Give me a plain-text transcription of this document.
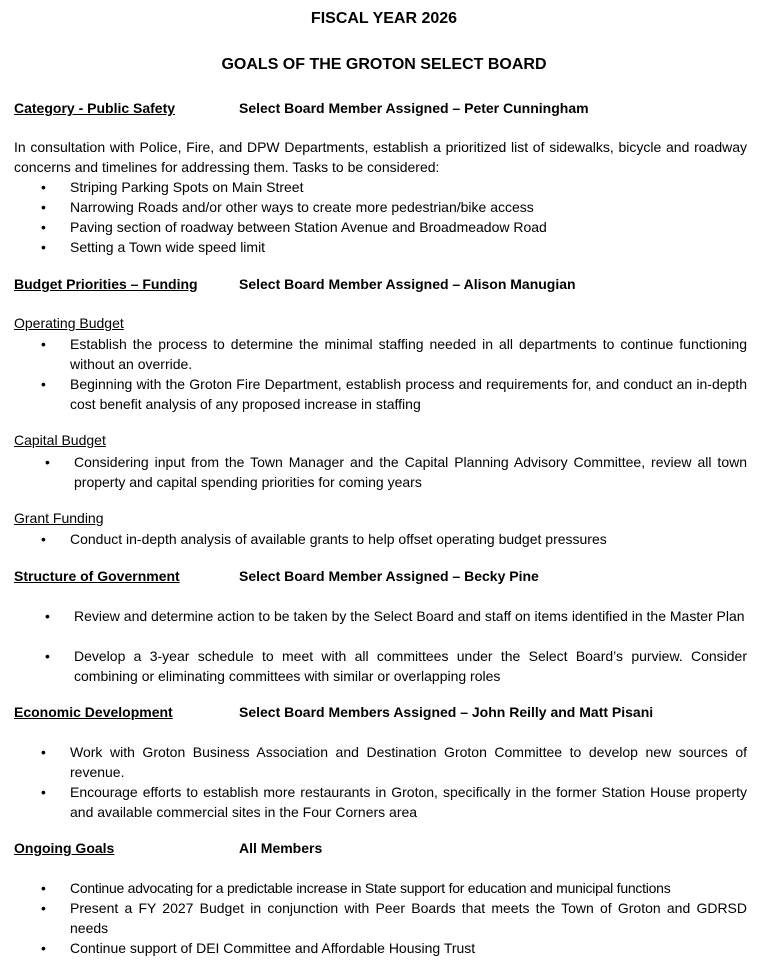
FISCAL YEAR 2026
GOALS OF THE GROTON SELECT BOARD
Category - Public Safety	Select Board Member Assigned – Peter Cunningham
In consultation with Police, Fire, and DPW Departments, establish a prioritized list of sidewalks, bicycle and roadway concerns and timelines for addressing them. Tasks to be considered:
• Striping Parking Spots on Main Street
• Narrowing Roads and/or other ways to create more pedestrian/bike access
• Paving section of roadway between Station Avenue and Broadmeadow Road
• Setting a Town wide speed limit
Budget Priorities – Funding	Select Board Member Assigned – Alison Manugian
Operating Budget
• Establish the process to determine the minimal staffing needed in all departments to continue functioning without an override.
• Beginning with the Groton Fire Department, establish process and requirements for, and conduct an in-depth cost benefit analysis of any proposed increase in staffing
Capital Budget
• Considering input from the Town Manager and the Capital Planning Advisory Committee, review all town property and capital spending priorities for coming years
Grant Funding
• Conduct in-depth analysis of available grants to help offset operating budget pressures
Structure of Government	Select Board Member Assigned – Becky Pine
• Review and determine action to be taken by the Select Board and staff on items identified in the Master Plan
• Develop a 3-year schedule to meet with all committees under the Select Board’s purview. Consider combining or eliminating committees with similar or overlapping roles
Economic Development	Select Board Members Assigned – John Reilly and Matt Pisani
• Work with Groton Business Association and Destination Groton Committee to develop new sources of revenue.
• Encourage efforts to establish more restaurants in Groton, specifically in the former Station House property and available commercial sites in the Four Corners area
Ongoing Goals	All Members
• Continue advocating for a predictable increase in State support for education and municipal functions
• Present a FY 2027 Budget in conjunction with Peer Boards that meets the Town of Groton and GDRSD needs
• Continue support of DEI Committee and Affordable Housing Trust
